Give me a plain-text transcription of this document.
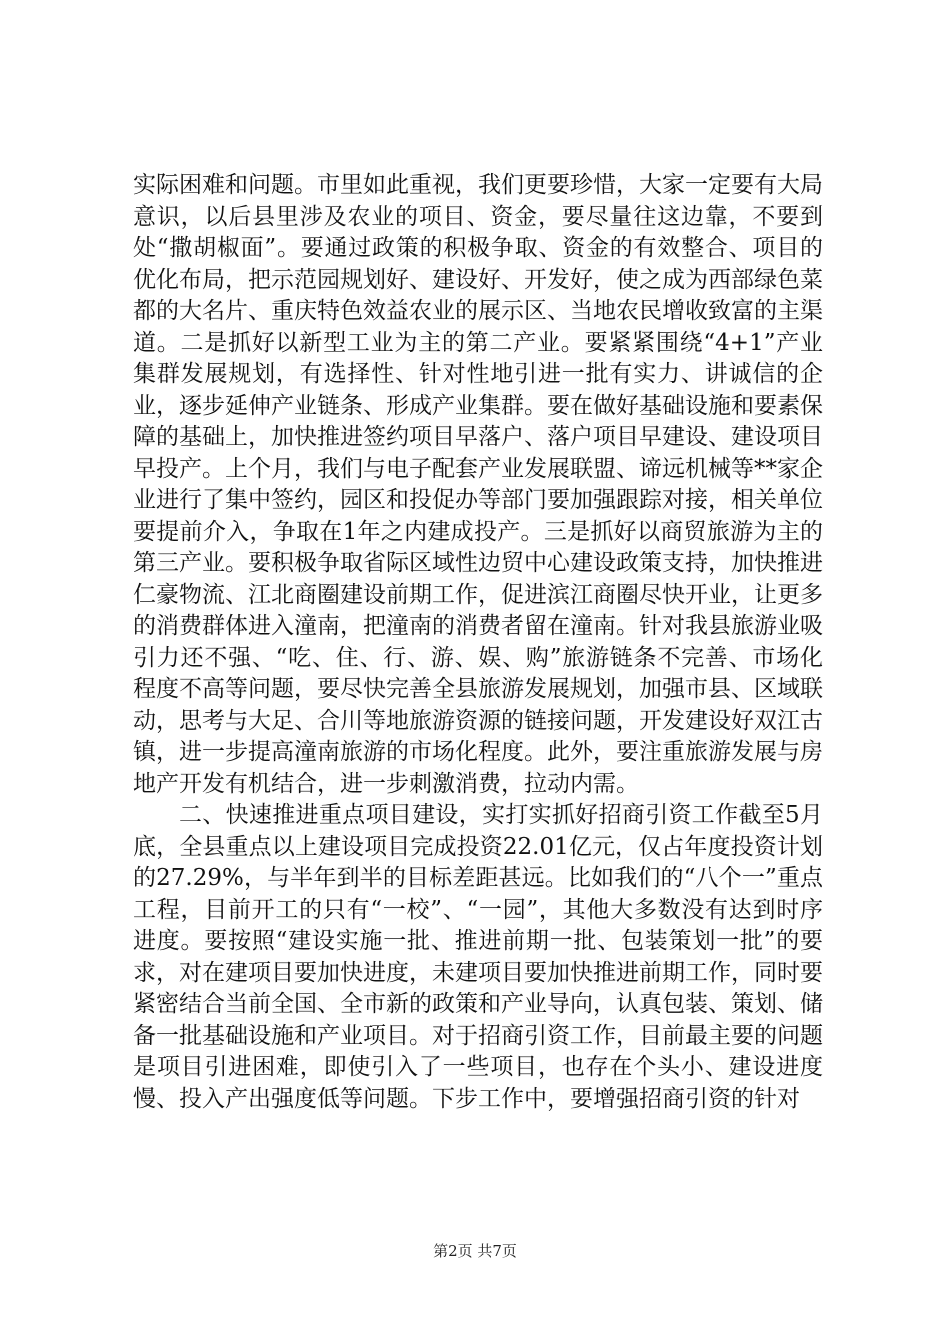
实际困难和问题。市里如此重视，我们更要珍惜，大家一定要有大局意识，以后县里涉及农业的项目、资金，要尽量往这边靠，不要到处“撒胡椒面”。要通过政策的积极争取、资金的有效整合、项目的优化布局，把示范园规划好、建设好、开发好，使之成为西部绿色菜都的大名片、重庆特色效益农业的展示区、当地农民增收致富的主渠道。二是抓好以新型工业为主的第二产业。要紧紧围绕“4+1”产业集群发展规划，有选择性、针对性地引进一批有实力、讲诚信的企业，逐步延伸产业链条、形成产业集群。要在做好基础设施和要素保障的基础上，加快推进签约项目早落户、落户项目早建设、建设项目早投产。上个月，我们与电子配套产业发展联盟、谛远机械等**家企业进行了集中签约，园区和投促办等部门要加强跟踪对接，相关单位要提前介入，争取在1年之内建成投产。三是抓好以商贸旅游为主的第三产业。要积极争取省际区域性边贸中心建设政策支持，加快推进仁豪物流、江北商圈建设前期工作，促进滨江商圈尽快开业，让更多的消费群体进入潼南，把潼南的消费者留在潼南。针对我县旅游业吸引力还不强、“吃、住、行、游、娱、购”旅游链条不完善、市场化程度不高等问题，要尽快完善全县旅游发展规划，加强市县、区域联动，思考与大足、合川等地旅游资源的链接问题，开发建设好双江古镇，进一步提高潼南旅游的市场化程度。此外，要注重旅游发展与房地产开发有机结合，进一步刺激消费，拉动内需。

二、快速推进重点项目建设，实打实抓好招商引资工作截至5月底，全县重点以上建设项目完成投资22.01亿元，仅占年度投资计划的27.29%，与半年到半的目标差距甚远。比如我们的“八个一”重点工程，目前开工的只有“一校”、“一园”，其他大多数没有达到时序进度。要按照“建设实施一批、推进前期一批、包装策划一批”的要求，对在建项目要加快进度，未建项目要加快推进前期工作，同时要紧密结合当前全国、全市新的政策和产业导向，认真包装、策划、储备一批基础设施和产业项目。对于招商引资工作，目前最主要的问题是项目引进困难，即使引入了一些项目，也存在个头小、建设进度慢、投入产出强度低等问题。下步工作中，要增强招商引资的针对

第2页 共7页
